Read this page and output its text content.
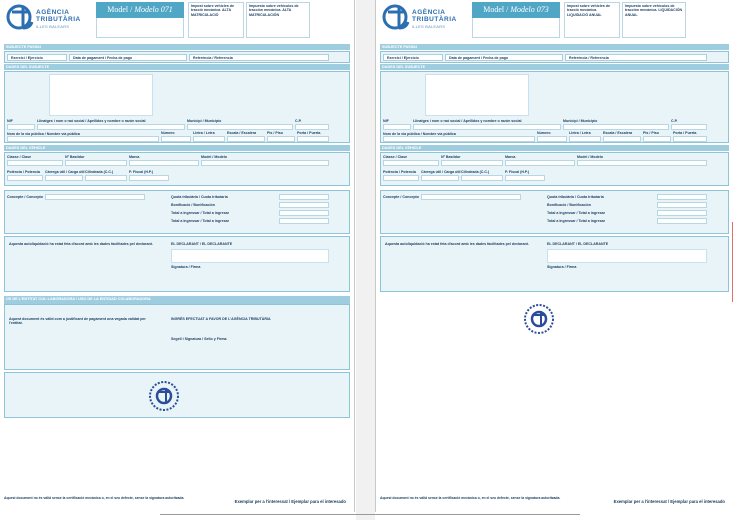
AGÈNCIA
TRIBUTÀRIA
ILLES BALEARS
Model / Modelo 071	Impost sobre vehicles de tracció mecànica. ALTA MATRICULACIÓ
Impuesto sobre vehículos de tracción mecánica. ALTA MATRICULACIÓN
SUBJECTE PASSIU
Exercici / Ejercicio	Data de pagament / Fecha de pago	Referència / Referencia
DADES DEL SUBJECTE
NIF	Llinatges i nom o raó social / Apellidos y nombre o razón social	Municipi / Municipio	C.P.
Nom de la via pública / Nombre vía pública	Número	Lletra / Letra	Escala / Escalera	Pis / Piso	Porta / Puerta
DADES DEL VEHICLE
Classe / Clase	Nº Bastidor	Marca	Model / Modelo
Potència / Potencia Càrrega útil / Carga útil Cilindrada (C.C.)	P. Fiscal (H.P.)
Concepte / Concepto	Quota tributària / Cuota tributaria
Bonificació / Bonificación
Total a ingressar / Total a ingresar
Total a ingressar / Total a ingresar
Aquesta autoliquidació ha estat feta d'acord amb les dades facilitades pel declarant.	EL DECLARANT / EL DECLARANTE
Signatura / Firma
ÚS DE L'ENTITAT COL·LABORADORA / USO DE LA ENTIDAD COLABORADORA
Aquest document és vàlid com a justificant de pagament una vegada validat per l'entitat.
INGRÉS EFECTUAT A FAVOR DE L'AGÈNCIA TRIBUTÀRIA
Segell i Signatura / Sello y Firma
Aquest document no és vàlid sense la certificació mecànica o, en el seu defecte, sense la signatura autoritzada.
Exemplar per a l'interessat / Ejemplar para el interesado
AGÈNCIA
TRIBUTÀRIA
ILLES BALEARS
Model / Modelo 073	Impost sobre vehicles de tracció mecànica. LIQUIDACIÓ ANUAL
Impuesto sobre vehículos de tracción mecánica. LIQUIDACIÓN ANUAL
SUBJECTE PASSIU
Exercici / Ejercicio	Data de pagament / Fecha de pago	Referència / Referencia
DADES DEL SUBJECTE
NIF	Llinatges i nom o raó social / Apellidos y nombre o razón social	Municipi / Municipio	C.P.
Nom de la via pública / Nombre vía pública	Número	Lletra / Letra	Escala / Escalera	Pis / Piso	Porta / Puerta
DADES DEL VEHICLE
Classe / Clase	Nº Bastidor	Marca	Model / Modelo
Potència / Potencia Càrrega útil / Carga útil Cilindrada (C.C.)	P. Fiscal (H.P.)
Concepte / Concepto	Quota tributària / Cuota tributaria
Bonificació / Bonificación
Total a ingressar / Total a ingresar
Total a ingressar / Total a ingresar
Aquesta autoliquidació ha estat feta d'acord amb les dades facilitades pel declarant.	EL DECLARANT / EL DECLARANTE
Signatura / Firma
Aquest document no és vàlid sense la certificació mecànica o, en el seu defecte, sense la signatura autoritzada.
Exemplar per a l'interessat / Ejemplar para el interesado
